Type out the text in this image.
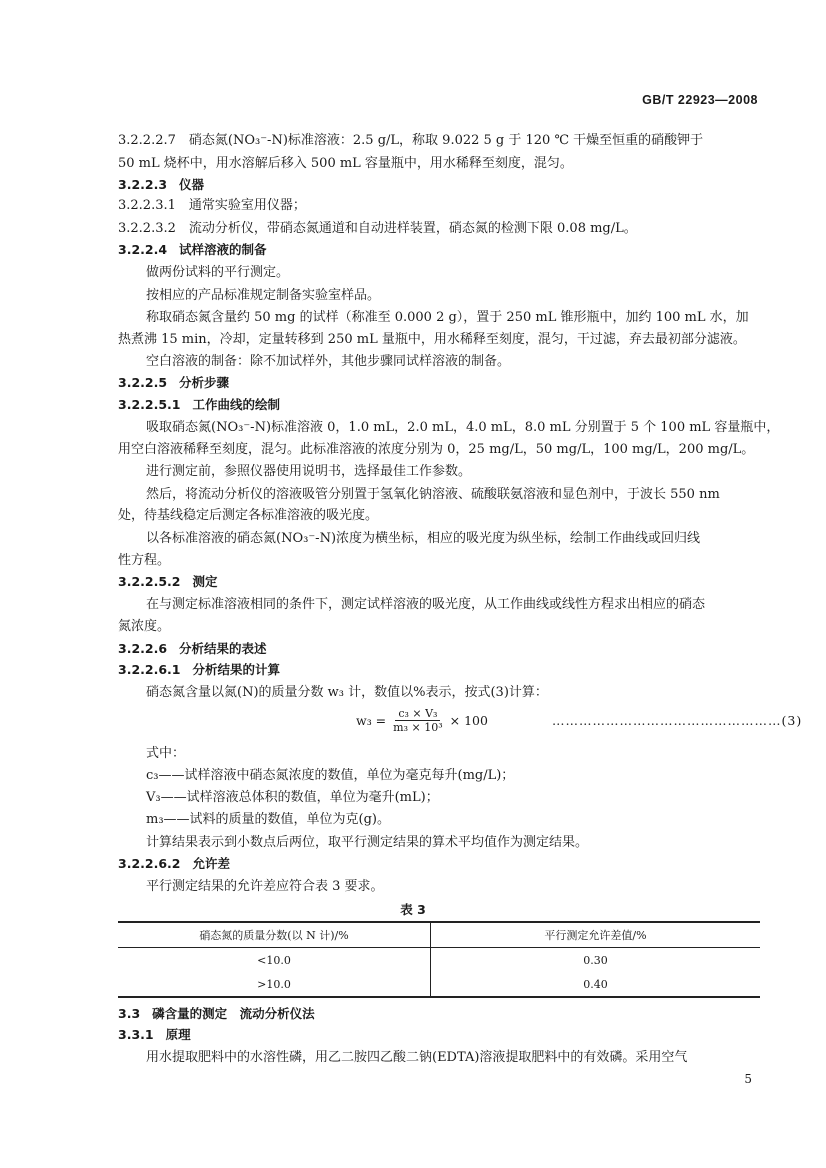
GB/T 22923—2008
3.2.2.2.7　硝态氮(NO₃⁻-N)标准溶液：2.5 g/L，称取 9.022 5 g 于 120 ℃ 干燥至恒重的硝酸钾于
50 mL 烧杯中，用水溶解后移入 500 mL 容量瓶中，用水稀释至刻度，混匀。
3.2.2.3 仪器
3.2.2.3.1　通常实验室用仪器；
3.2.2.3.2　流动分析仪，带硝态氮通道和自动进样装置，硝态氮的检测下限 0.08 mg/L。
3.2.2.4 试样溶液的制备
做两份试料的平行测定。
按相应的产品标准规定制备实验室样品。
称取硝态氮含量约 50 mg 的试样（称准至 0.000 2 g），置于 250 mL 锥形瓶中，加约 100 mL 水，加
热煮沸 15 min，冷却，定量转移到 250 mL 量瓶中，用水稀释至刻度，混匀，干过滤，弃去最初部分滤液。
空白溶液的制备：除不加试样外，其他步骤同试样溶液的制备。
3.2.2.5 分析步骤
3.2.2.5.1 工作曲线的绘制
吸取硝态氮(NO₃⁻-N)标准溶液 0，1.0 mL，2.0 mL，4.0 mL，8.0 mL 分别置于 5 个 100 mL 容量瓶中，
用空白溶液稀释至刻度，混匀。此标准溶液的浓度分别为 0，25 mg/L，50 mg/L，100 mg/L，200 mg/L。
进行测定前，参照仪器使用说明书，选择最佳工作参数。
然后，将流动分析仪的溶液吸管分别置于氢氧化钠溶液、硫酸联氨溶液和显色剂中，于波长 550 nm
处，待基线稳定后测定各标准溶液的吸光度。
以各标准溶液的硝态氮(NO₃⁻-N)浓度为横坐标，相应的吸光度为纵坐标，绘制工作曲线或回归线
性方程。
3.2.2.5.2 测定
在与测定标准溶液相同的条件下，测定试样溶液的吸光度，从工作曲线或线性方程求出相应的硝态
氮浓度。
3.2.2.6 分析结果的表述
3.2.2.6.1 分析结果的计算
硝态氮含量以氮(N)的质量分数 w₃ 计，数值以%表示，按式(3)计算：
$w_3 = \frac{\text{c₃ × V₃}}{\text{m₃ × 10³}} \times 100$	……………………………………………(3)
式中：
c₃——试样溶液中硝态氮浓度的数值，单位为毫克每升(mg/L)；
V₃——试样溶液总体积的数值，单位为毫升(mL)；
m₃——试料的质量的数值，单位为克(g)。
计算结果表示到小数点后两位，取平行测定结果的算术平均值作为测定结果。
3.2.2.6.2 允许差
平行测定结果的允许差应符合表 3 要求。
表 3
硝态氮的质量分数(以 N 计)/%	平行测定允许差值/%
<10.0	0.30
>10.0	0.40
3.3 磷含量的测定　流动分析仪法
3.3.1 原理
用水提取肥料中的水溶性磷，用乙二胺四乙酸二钠(EDTA)溶液提取肥料中的有效磷。采用空气
5
